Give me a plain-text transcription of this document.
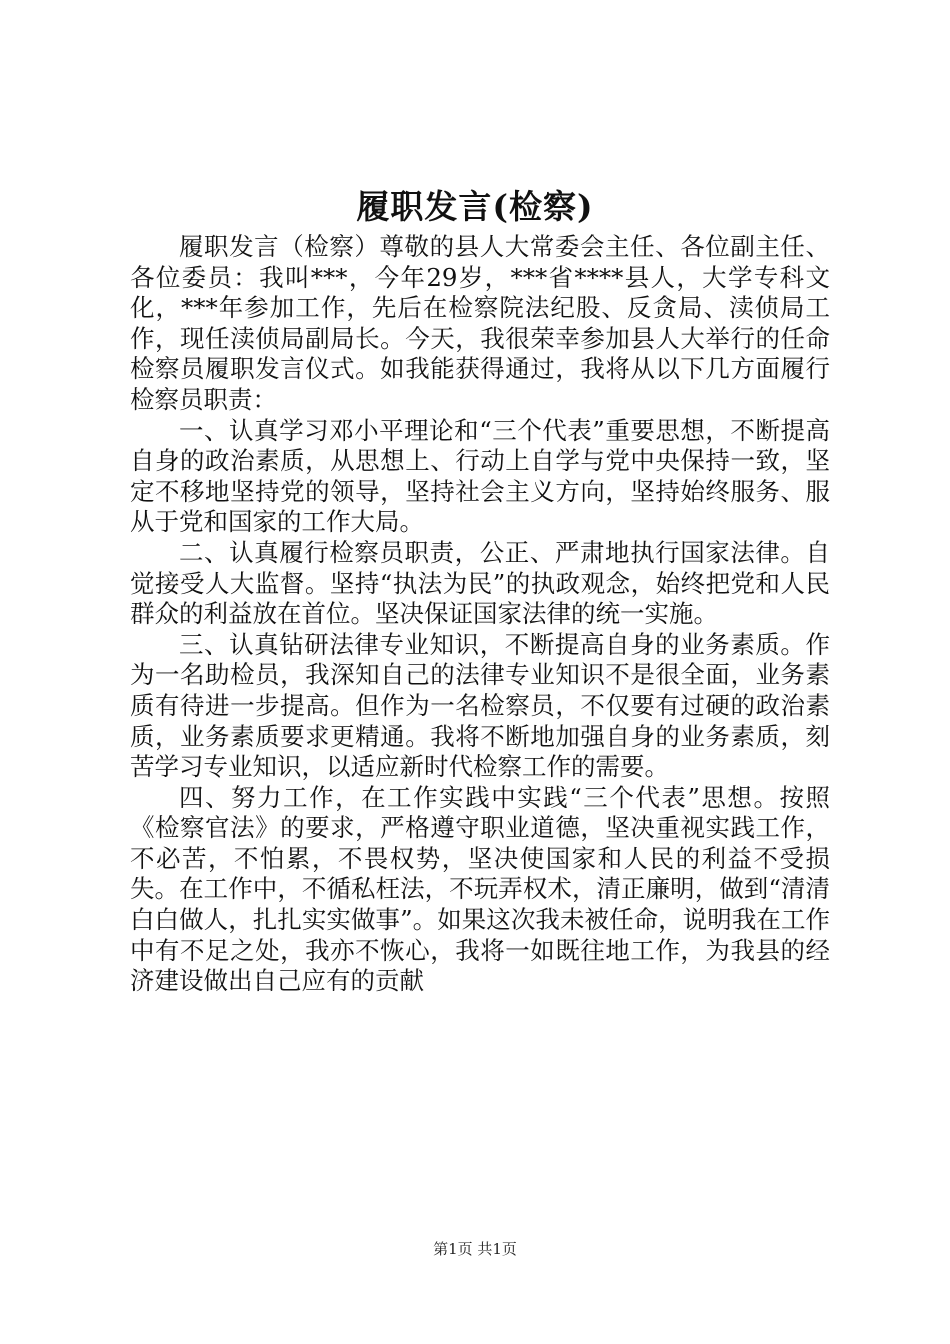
履职发言(检察)

履职发言（检察）尊敬的县人大常委会主任、各位副主任、各位委员：我叫***，今年29岁，***省****县人，大学专科文化，***年参加工作，先后在检察院法纪股、反贪局、渎侦局工作，现任渎侦局副局长。今天，我很荣幸参加县人大举行的任命检察员履职发言仪式。如我能获得通过，我将从以下几方面履行检察员职责：

一、认真学习邓小平理论和“三个代表”重要思想，不断提高自身的政治素质，从思想上、行动上自学与党中央保持一致，坚定不移地坚持党的领导，坚持社会主义方向，坚持始终服务、服从于党和国家的工作大局。

二、认真履行检察员职责，公正、严肃地执行国家法律。自觉接受人大监督。坚持“执法为民”的执政观念，始终把党和人民群众的利益放在首位。坚决保证国家法律的统一实施。

三、认真钻研法律专业知识，不断提高自身的业务素质。作为一名助检员，我深知自己的法律专业知识不是很全面，业务素质有待进一步提高。但作为一名检察员，不仅要有过硬的政治素质，业务素质要求更精通。我将不断地加强自身的业务素质，刻苦学习专业知识，以适应新时代检察工作的需要。

四、努力工作，在工作实践中实践“三个代表”思想。按照《检察官法》的要求，严格遵守职业道德，坚决重视实践工作，不必苦，不怕累，不畏权势，坚决使国家和人民的利益不受损失。在工作中，不循私枉法，不玩弄权术，清正廉明，做到“清清白白做人，扎扎实实做事”。如果这次我未被任命，说明我在工作中有不足之处，我亦不恢心，我将一如既往地工作，为我县的经济建设做出自己应有的贡献

第1页 共1页
